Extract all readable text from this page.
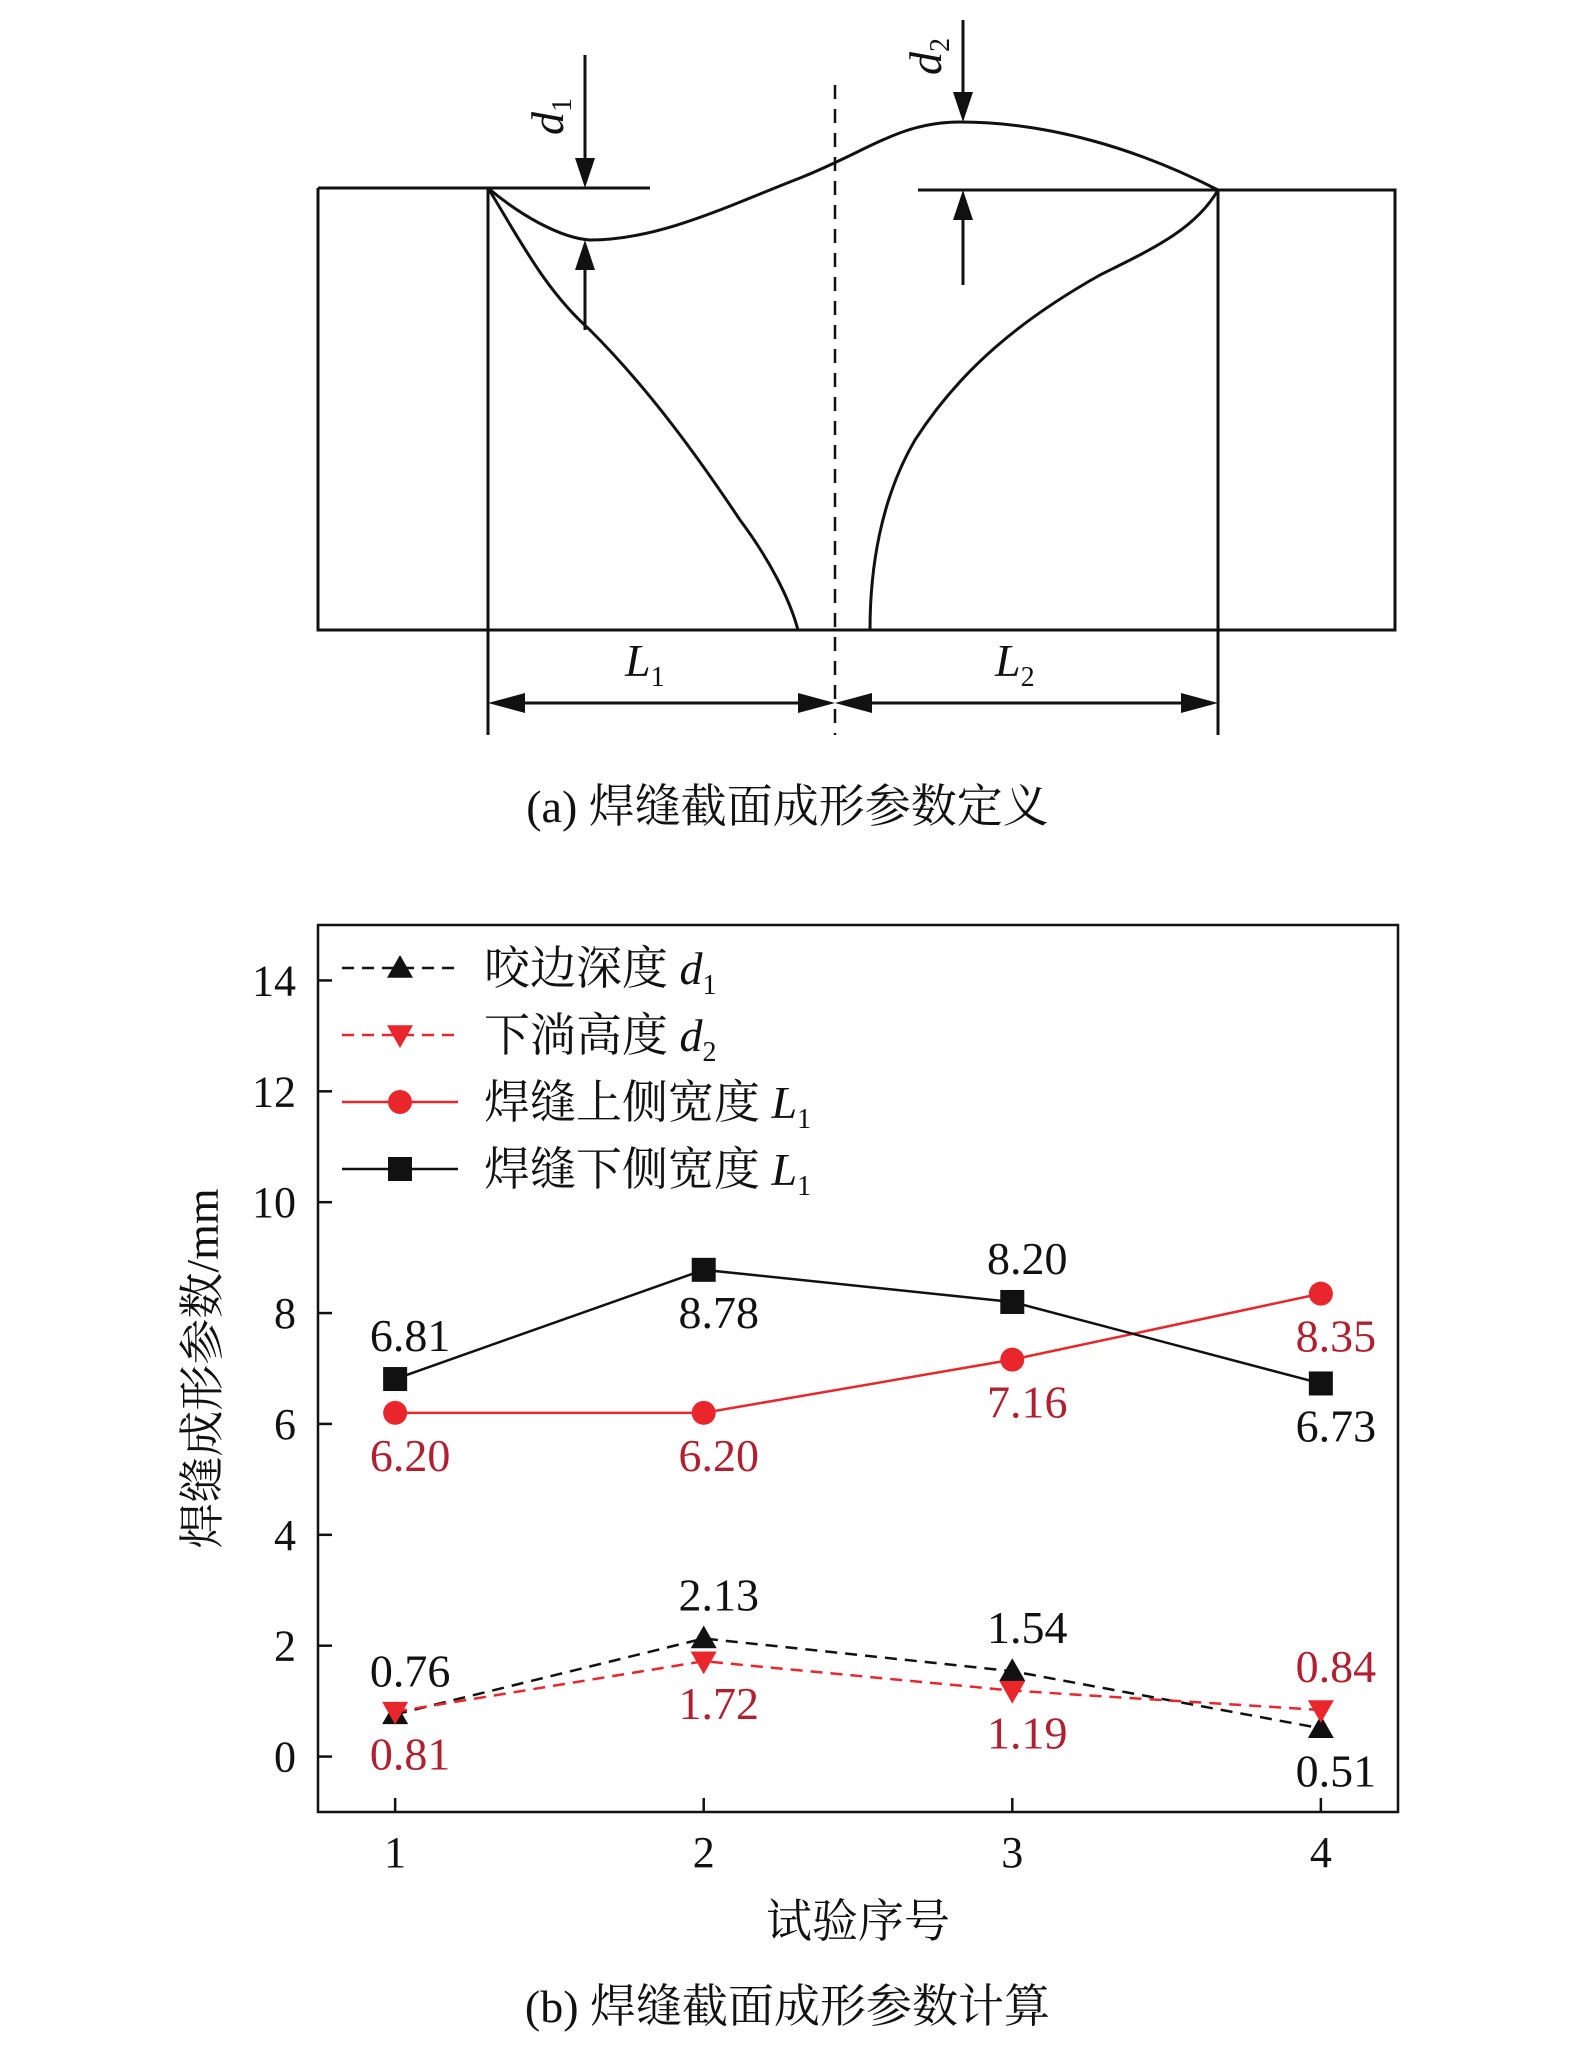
d1
d2
$L_1$	$L_2$
0
2
4
6
8
10
12
14
1	2	3	4
试验序号
焊缝成形参数/mm
0.76
2.13
1.54
0.51
0.81
1.72
1.19
0.84
6.20	6.20
7.16
8.35
6.81	8.78
8.20
6.73
咬边深度 $d_1$
下淌高度 $d_2$
焊缝上侧宽度 $L_1$
焊缝下侧宽度 $L_1$
(a) 焊缝截面成形参数定义
(b) 焊缝截面成形参数计算
